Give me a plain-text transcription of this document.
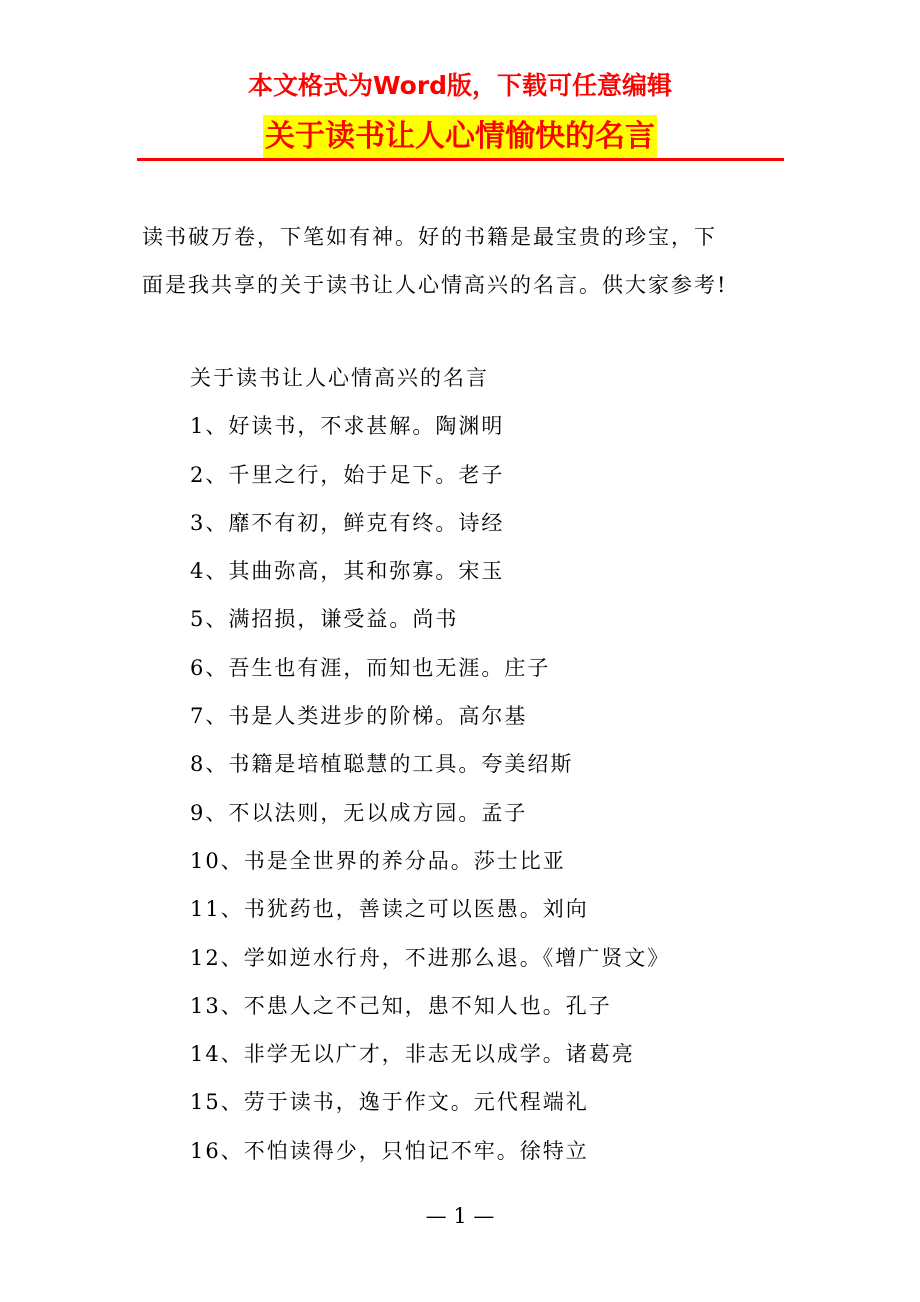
本文格式为Word版，下载可任意编辑
关于读书让人心情愉快的名言

读书破万卷，下笔如有神。好的书籍是最宝贵的珍宝，下
面是我共享的关于读书让人心情高兴的名言。供大家参考!

关于读书让人心情高兴的名言
1、好读书，不求甚解。陶渊明
2、千里之行，始于足下。老子
3、靡不有初，鲜克有终。诗经
4、其曲弥高，其和弥寡。宋玉
5、满招损，谦受益。尚书
6、吾生也有涯，而知也无涯。庄子
7、书是人类进步的阶梯。高尔基
8、书籍是培植聪慧的工具。夸美绍斯
9、不以法则，无以成方园。孟子
10、书是全世界的养分品。莎士比亚
11、书犹药也，善读之可以医愚。刘向
12、学如逆水行舟，不进那么退。《增广贤文》
13、不患人之不己知，患不知人也。孔子
14、非学无以广才，非志无以成学。诸葛亮
15、劳于读书，逸于作文。元代程端礼
16、不怕读得少，只怕记不牢。徐特立
— 1 —
